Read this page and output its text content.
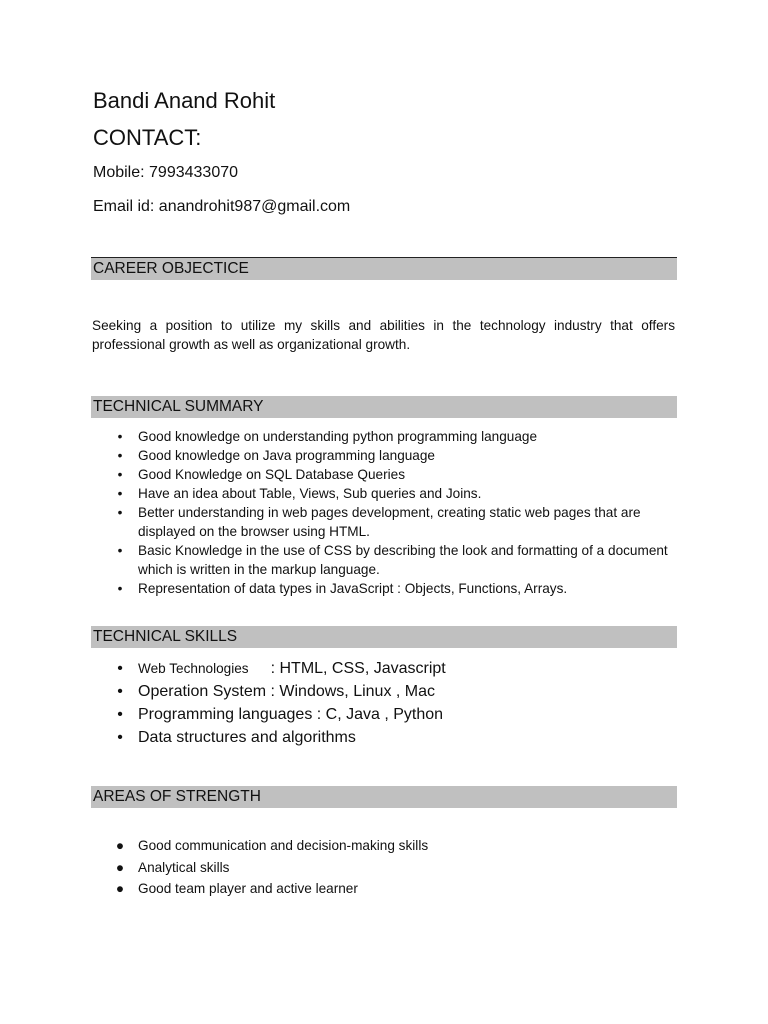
Bandi Anand Rohit
CONTACT:
Mobile: 7993433070
Email id: anandrohit987@gmail.com
CAREER OBJECTICE
Seeking a position to utilize my skills and abilities in the technology industry that offers professional growth as well as organizational growth.
TECHNICAL SUMMARY
• Good knowledge on understanding python programming language
• Good knowledge on Java programming language
• Good Knowledge on SQL Database Queries
• Have an idea about Table, Views, Sub queries and Joins.
• Better understanding in web pages development, creating static web pages that are displayed on the browser using HTML.
• Basic Knowledge in the use of CSS by describing the look and formatting of a document which is written in the markup language.
• Representation of data types in JavaScript : Objects, Functions, Arrays.
TECHNICAL SKILLS
• Web Technologies : HTML, CSS, Javascript
• Operation System : Windows, Linux , Mac
• Programming languages : C, Java , Python
• Data structures and algorithms
AREAS OF STRENGTH
● Good communication and decision-making skills
● Analytical skills
● Good team player and active learner
